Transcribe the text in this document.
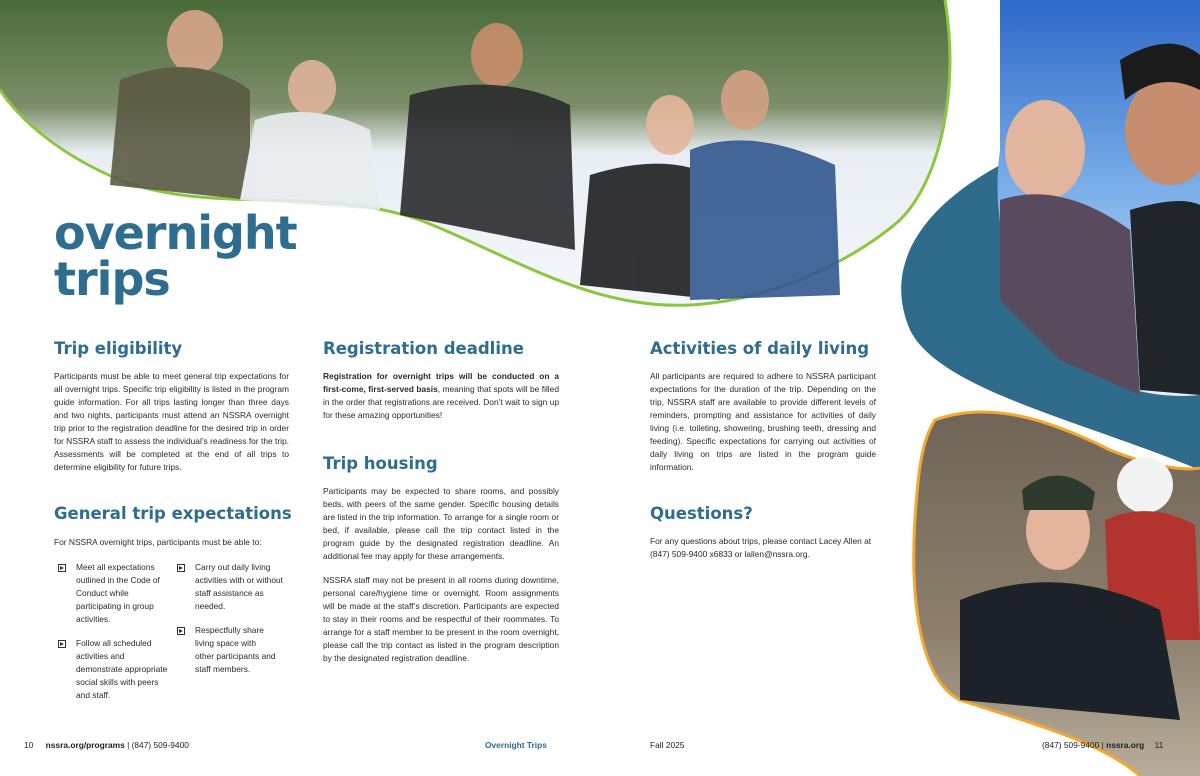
overnight
trips
Trip eligibility

Participants must be able to meet general trip expectations for all overnight trips. Specific trip eligibility is listed in the program guide information. For all trips lasting longer than three days and two nights, participants must attend an NSSRA overnight trip prior to the registration deadline for the desired trip in order for NSSRA staff to assess the individual’s readiness for the trip. Assessments will be completed at the end of all trips to determine eligibility for future trips.

General trip expectations

For NSSRA overnight trips, participants must be able to:

Meet all expectations outlined in the Code of Conduct while participating in group activities.
Follow all scheduled activities and demonstrate appropriate social skills with peers and staff.
Carry out daily living activities with or without staff assistance as needed.
Respectfully share living space with other participants and staff members.
Registration deadline

Registration for overnight trips will be conducted on a first-come, first-served basis, meaning that spots will be filled in the order that registrations are received. Don’t wait to sign up for these amazing opportunities!

Trip housing

Participants may be expected to share rooms, and possibly beds, with peers of the same gender. Specific housing details are listed in the trip information. To arrange for a single room or bed, if available, please call the trip contact listed in the program guide by the designated registration deadline. An additional fee may apply for these arrangements.

NSSRA staff may not be present in all rooms during downtime, personal care/hygiene time or overnight. Room assignments will be made at the staff’s discretion. Participants are expected to stay in their rooms and be respectful of their roommates. To arrange for a staff member to be present in the room overnight, please call the trip contact as listed in the program description by the designated registration deadline.

Activities of daily living

All participants are required to adhere to NSSRA participant expectations for the duration of the trip. Depending on the trip, NSSRA staff are available to provide different levels of reminders, prompting and assistance for activities of daily living (i.e. toileting, showering, brushing teeth, dressing and feeding). Specific expectations for carrying out activities of daily living on trips are listed in the program guide information.

Questions?

For any questions about trips, please contact Lacey Allen at (847) 509-9400 x6833 or lallen@nssra.org.

10 nssra.org/programs | (847) 509-9400	Overnight Trips	Fall 2025	(847) 509-9400 | nssra.org 11
